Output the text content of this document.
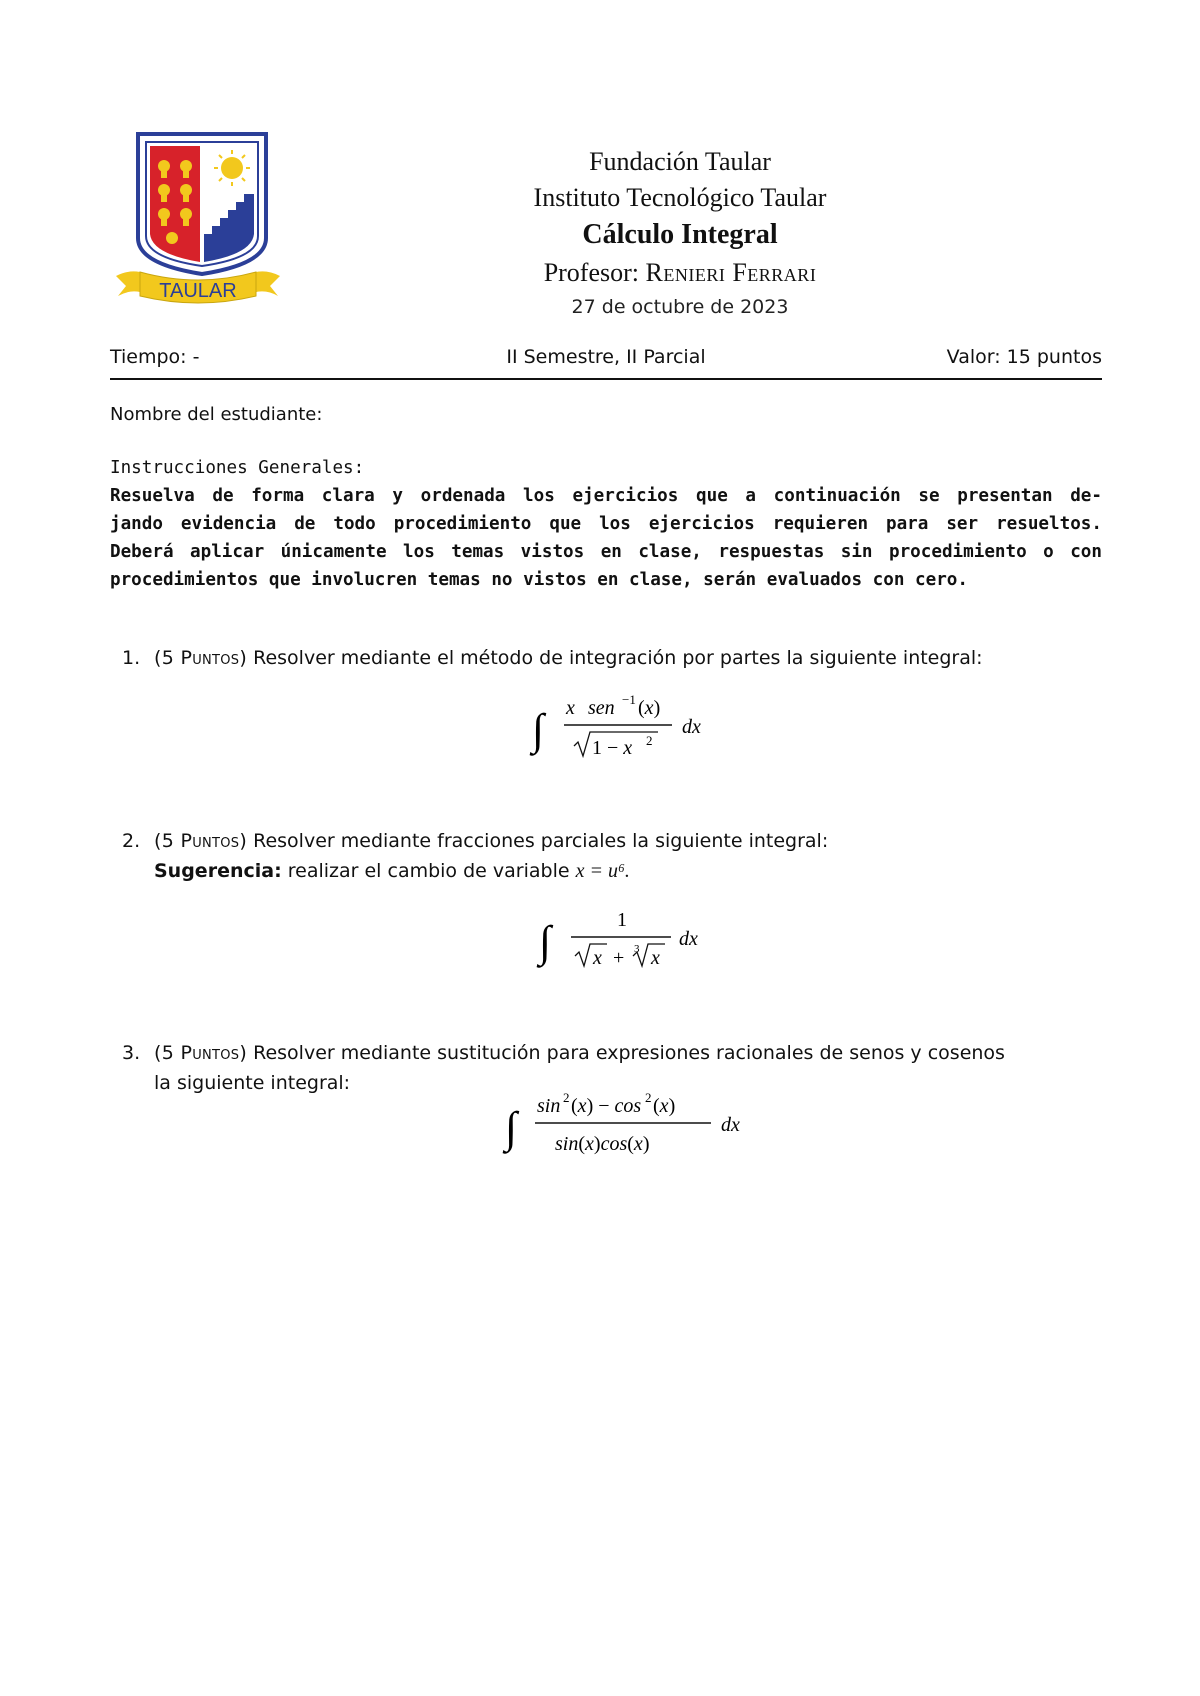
TAULAR
Fundación Taular
Instituto Tecnológico Taular
Cálculo Integral
Profesor: Renieri Ferrari
27 de octubre de 2023
Tiempo: -	II Semestre, II Parcial	Valor: 15 puntos
Nombre del estudiante:
Instrucciones Generales:
Resuelva de forma clara y ordenada los ejercicios que a continuación se presentan de-
jando evidencia de todo procedimiento que los ejercicios requieren para ser resueltos.
Deberá aplicar únicamente los temas vistos en clase, respuestas sin procedimiento o con
procedimientos que involucren temas no vistos en clase, serán evaluados con cero.
1. (5 Puntos) Resolver mediante el método de integración por partes la siguiente integral:
∫ x sen −1 (x)
1 − x 2
dx
2. (5 Puntos) Resolver mediante fracciones parciales la siguiente integral:
Sugerencia: realizar el cambio de variable x = u⁶.
∫	1
x + 3 x
dx
3. (5 Puntos) Resolver mediante sustitución para expresiones racionales de senos y cosenos
la siguiente integral:
∫ sin 2 (x) − cos 2 (x)
sin(x)cos(x)
dx
